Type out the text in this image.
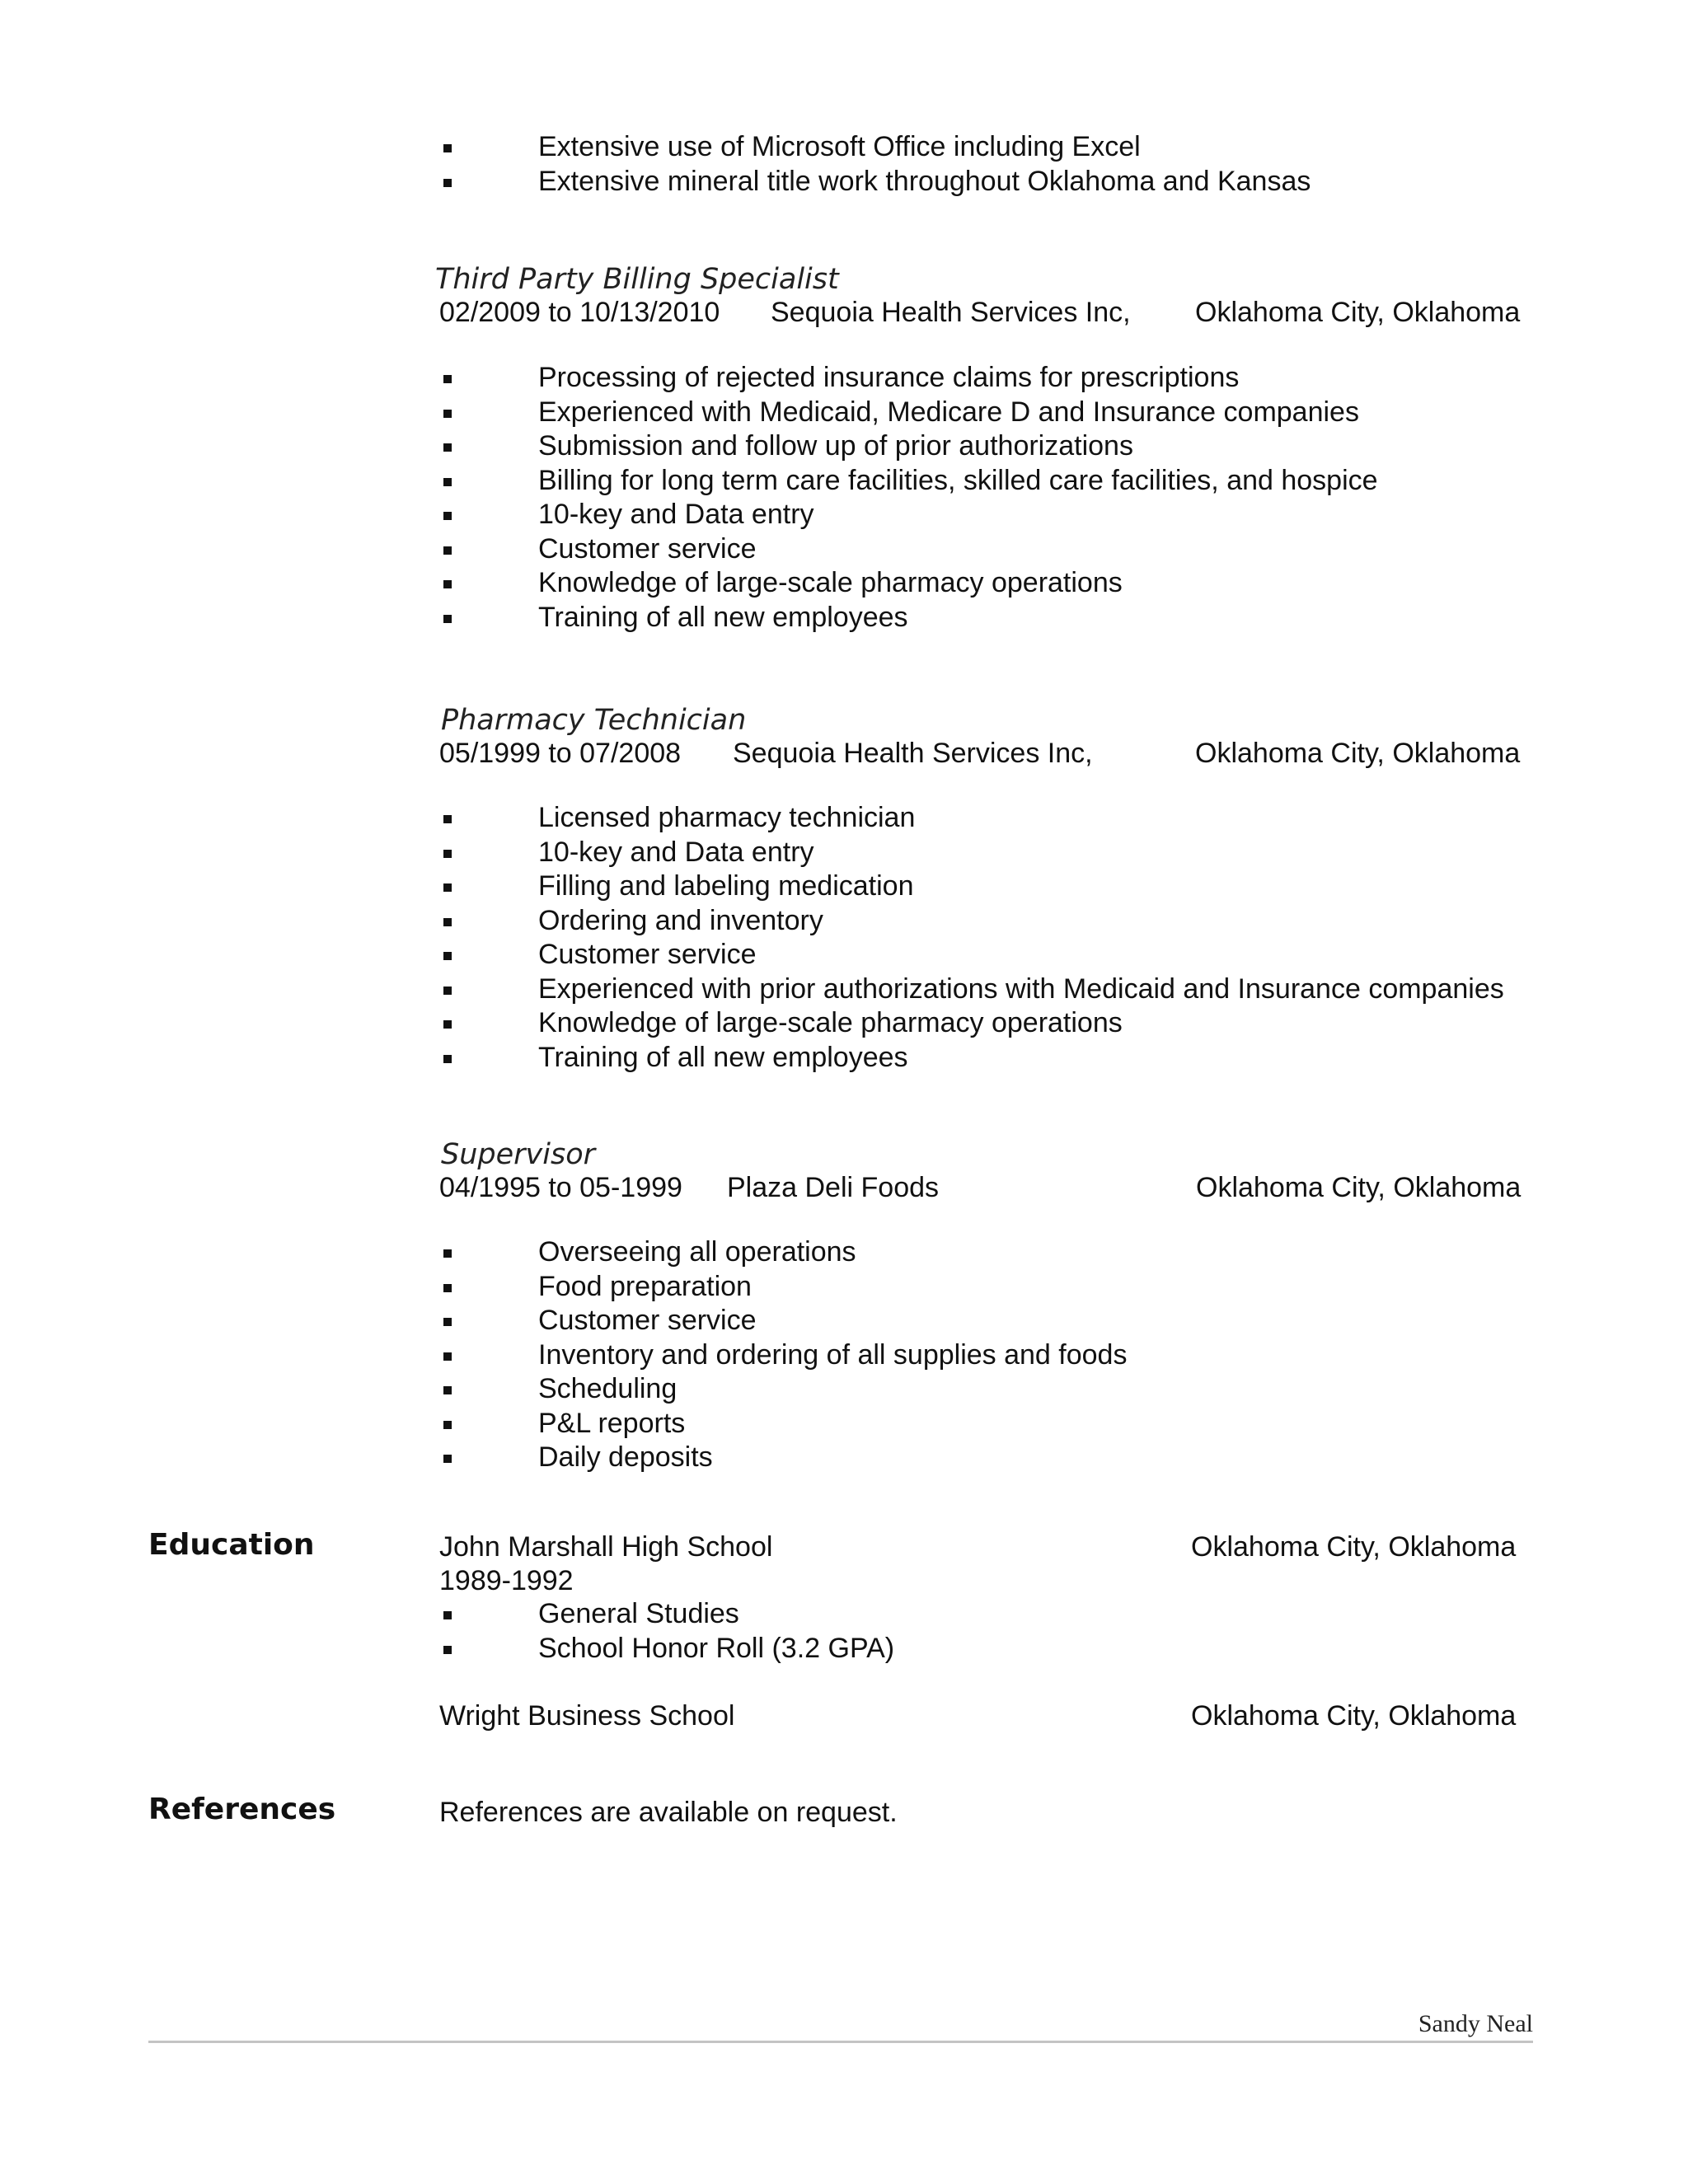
Extensive use of Microsoft Office including Excel
Extensive mineral title work throughout Oklahoma and Kansas
Third Party Billing Specialist
02/2009 to 10/13/2010 Sequoia Health Services Inc, Oklahoma City, Oklahoma
Processing of rejected insurance claims for prescriptions
Experienced with Medicaid, Medicare D and Insurance companies
Submission and follow up of prior authorizations
Billing for long term care facilities, skilled care facilities, and hospice
10-key and Data entry
Customer service
Knowledge of large-scale pharmacy operations
Training of all new employees
Pharmacy Technician
05/1999 to 07/2008 Sequoia Health Services Inc,	Oklahoma City, Oklahoma
Licensed pharmacy technician
10-key and Data entry
Filling and labeling medication
Ordering and inventory
Customer service
Experienced with prior authorizations with Medicaid and Insurance companies
Knowledge of large-scale pharmacy operations
Training of all new employees
Supervisor
04/1995 to 05-1999 Plaza Deli Foods	Oklahoma City, Oklahoma
Overseeing all operations
Food preparation
Customer service
Inventory and ordering of all supplies and foods
Scheduling
P&L reports
Daily deposits
Education	John Marshall High School	Oklahoma City, Oklahoma
1989-1992
General Studies
School Honor Roll (3.2 GPA)
Wright Business School	Oklahoma City, Oklahoma
References	References are available on request.
Sandy Neal
